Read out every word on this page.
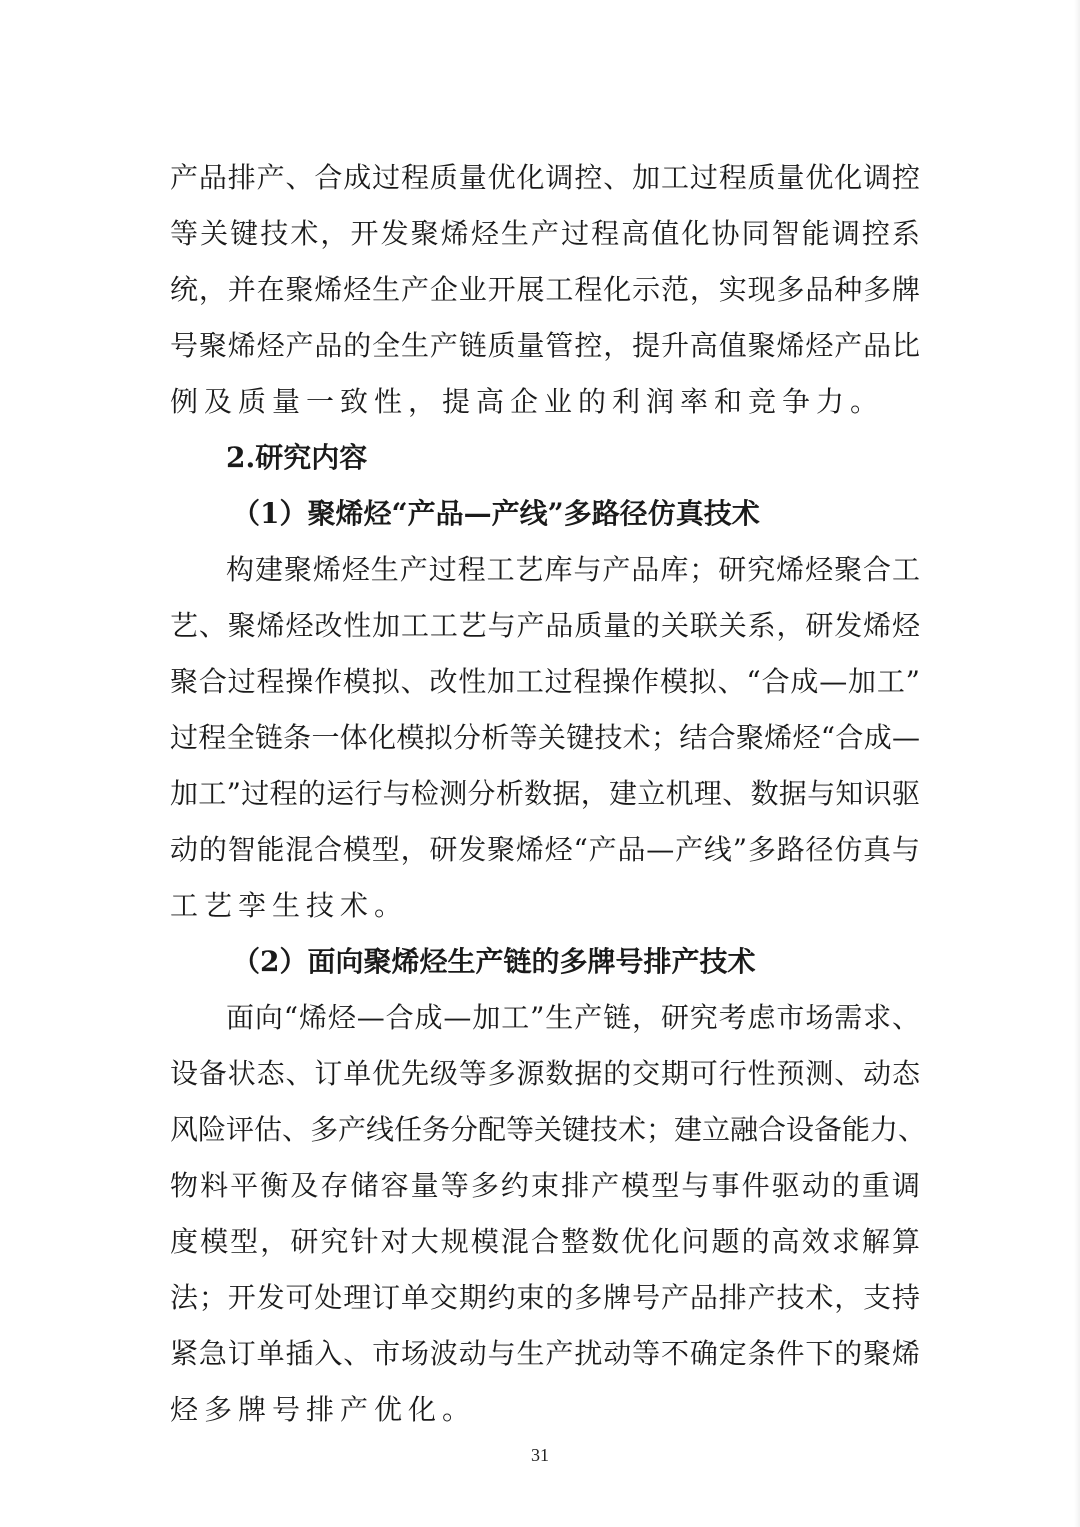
产品排产、合成过程质量优化调控、加工过程质量优化调控
等关键技术，开发聚烯烃生产过程高值化协同智能调控系
统，并在聚烯烃生产企业开展工程化示范，实现多品种多牌
号聚烯烃产品的全生产链质量管控，提升高值聚烯烃产品比
例及质量一致性，提高企业的利润率和竞争力。
2.研究内容
（1）聚烯烃“产品—产线”多路径仿真技术
构建聚烯烃生产过程工艺库与产品库；研究烯烃聚合工
艺、聚烯烃改性加工工艺与产品质量的关联关系，研发烯烃
聚合过程操作模拟、改性加工过程操作模拟、“合成—加工”
过程全链条一体化模拟分析等关键技术；结合聚烯烃“合成—
加工”过程的运行与检测分析数据，建立机理、数据与知识驱
动的智能混合模型，研发聚烯烃“产品—产线”多路径仿真与
工艺孪生技术。
（2）面向聚烯烃生产链的多牌号排产技术
面向“烯烃—合成—加工”生产链，研究考虑市场需求、
设备状态、订单优先级等多源数据的交期可行性预测、动态
风险评估、多产线任务分配等关键技术；建立融合设备能力、
物料平衡及存储容量等多约束排产模型与事件驱动的重调
度模型，研究针对大规模混合整数优化问题的高效求解算
法；开发可处理订单交期约束的多牌号产品排产技术，支持
紧急订单插入、市场波动与生产扰动等不确定条件下的聚烯
烃多牌号排产优化。
31
